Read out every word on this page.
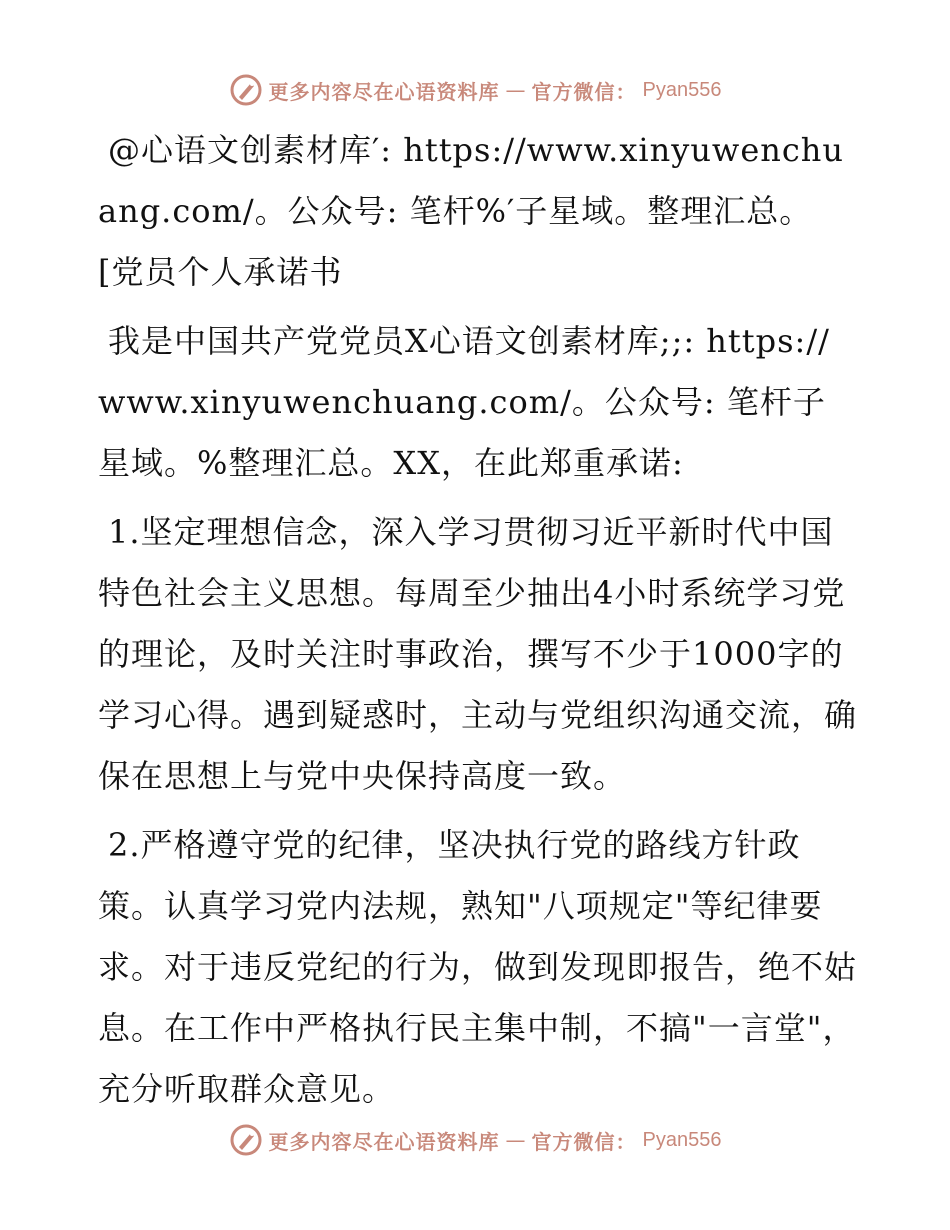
更多内容尽在心语资料库 — 官方微信： Pyan556

@心语文创素材库′: https://www.xinyuwenchuang.com/。公众号: 笔杆%′子星域。整理汇总。[党员个人承诺书

我是中国共产党党员X心语文创素材库;;: https://www.xinyuwenchuang.com/。公众号: 笔杆子星域。%整理汇总。XX，在此郑重承诺:

1.坚定理想信念，深入学习贯彻习近平新时代中国特色社会主义思想。每周至少抽出4小时系统学习党的理论，及时关注时事政治，撰写不少于1000字的学习心得。遇到疑惑时，主动与党组织沟通交流，确保在思想上与党中央保持高度一致。

2.严格遵守党的纪律，坚决执行党的路线方针政策。认真学习党内法规，熟知"八项规定"等纪律要求。对于违反党纪的行为，做到发现即报告，绝不姑息。在工作中严格执行民主集中制，不搞"一言堂"，充分听取群众意见。

更多内容尽在心语资料库 — 官方微信： Pyan556
